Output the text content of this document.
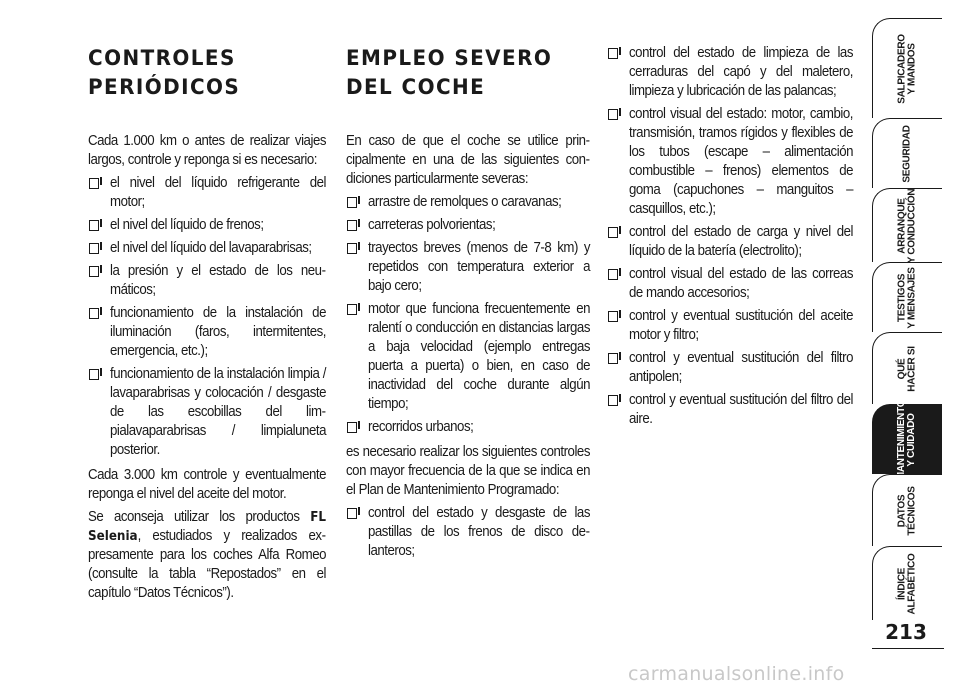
CONTROLES
PERIÓDICOS

Cada 1.000 km o antes de realizar viajes largos, controle y reponga si es necesario:

el nivel del líquido refrigerante del motor;
el nivel del líquido de frenos;
el nivel del líquido del lavaparabrisas;
la presión y el estado de los neumáticos;
funcionamiento de la instalación de iluminación (faros, intermitentes, emergencia, etc.);
funcionamiento de la instalación limpia / lavaparabrisas y colocación / desgaste de las escobillas del limpialavaparabrisas / limpialuneta posterior.

Cada 3.000 km controle y eventualmente reponga el nivel del aceite del motor.

Se aconseja utilizar los productos FL Selenia, estudiados y realizados expresamente para los coches Alfa Romeo (consulte la tabla “Repostados” en el capítulo “Datos Técnicos”).

EMPLEO SEVERO
DEL COCHE

En caso de que el coche se utilice principalmente en una de las siguientes condiciones particularmente severas:

arrastre de remolques o caravanas;
carreteras polvorientas;
trayectos breves (menos de 7-8 km) y repetidos con temperatura exterior a bajo cero;
motor que funciona frecuentemente en ralentí o conducción en distancias largas a baja velocidad (ejemplo entregas puerta a puerta) o bien, en caso de inactividad del coche durante algún tiempo;
recorridos urbanos;

es necesario realizar los siguientes controles con mayor frecuencia de la que se indica en el Plan de Mantenimiento Programado:

control del estado y desgaste de las pastillas de los frenos de disco delanteros;
control del estado de limpieza de las cerraduras del capó y del maletero, limpieza y lubricación de las palancas;
control visual del estado: motor, cambio, transmisión, tramos rígidos y flexibles de los tubos (escape – alimentación combustible – frenos) elementos de goma (capuchones – manguitos – casquillos, etc.);
control del estado de carga y nivel del líquido de la batería (electrolito);
control visual del estado de las correas de mando accesorios;
control y eventual sustitución del aceite motor y filtro;
control y eventual sustitución del filtro antipolen;
control y eventual sustitución del filtro del aire.
SALPICADERO
Y MANDOS
SEGURIDAD
ARRANQUE
Y CONDUCCIÓN
TESTIGOS
Y MENSAJES
QUÉ
HACER SI
MANTENIMIENTO
Y CUIDADO
DATOS
TÉCNICOS
ÍNDICE
ALFABÉTICO
213
carmanualsonline.info
